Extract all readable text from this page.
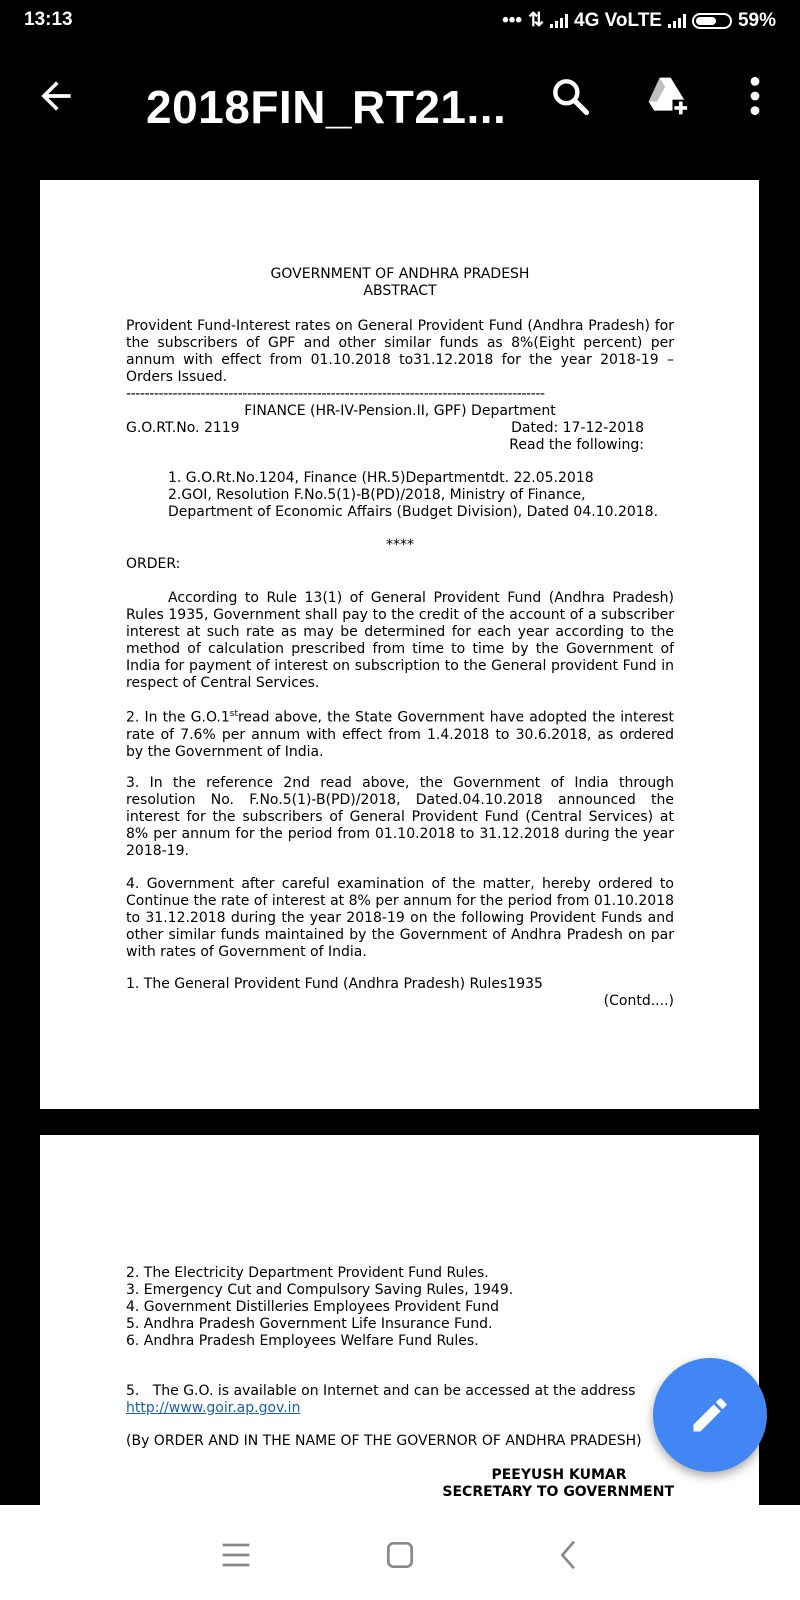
13:13	••• ⇅ 4G VoLTE	59%
2018FIN_RT21...

GOVERNMENT OF ANDHRA PRADESH

ABSTRACT

Provident Fund-Interest rates on General Provident Fund (Andhra Pradesh) for the subscribers of GPF and other similar funds as 8%(Eight percent) per annum with effect from 01.10.2018 to31.12.2018 for the year 2018-19 – Orders Issued.

------------------------------------------------------------------------------------------

FINANCE (HR-IV-Pension.II, GPF) Department

G.O.RT.No. 2119	Dated: 17-12-2018

Read the following:

1. G.O.Rt.No.1204, Finance (HR.5)Departmentdt. 22.05.2018

2.GOI, Resolution F.No.5(1)-B(PD)/2018, Ministry of Finance,

Department of Economic Affairs (Budget Division), Dated 04.10.2018.

****

ORDER:

According to Rule 13(1) of General Provident Fund (Andhra Pradesh) Rules 1935, Government shall pay to the credit of the account of a subscriber interest at such rate as may be determined for each year according to the method of calculation prescribed from time to time by the Government of India for payment of interest on subscription to the General provident Fund in respect of Central Services.

2. In the G.O.1stread above, the State Government have adopted the interest rate of 7.6% per annum with effect from 1.4.2018 to 30.6.2018, as ordered by the Government of India.

3. In the reference 2nd read above, the Government of India through resolution No. F.No.5(1)-B(PD)/2018, Dated.04.10.2018 announced the interest for the subscribers of General Provident Fund (Central Services) at 8% per annum for the period from 01.10.2018 to 31.12.2018 during the year 2018-19.

4. Government after careful examination of the matter, hereby ordered to Continue the rate of interest at 8% per annum for the period from 01.10.2018 to 31.12.2018 during the year 2018-19 on the following Provident Funds and other similar funds maintained by the Government of Andhra Pradesh on par with rates of Government of India.

1. The General Provident Fund (Andhra Pradesh) Rules1935

(Contd....)

2. The Electricity Department Provident Fund Rules.

3. Emergency Cut and Compulsory Saving Rules, 1949.

4. Government Distilleries Employees Provident Fund

5. Andhra Pradesh Government Life Insurance Fund.

6. Andhra Pradesh Employees Welfare Fund Rules.

5.   The G.O. is available on Internet and can be accessed at the address

http://www.goir.ap.gov.in

(By ORDER AND IN THE NAME OF THE GOVERNOR OF ANDHRA PRADESH)

PEEYUSH KUMAR

SECRETARY TO GOVERNMENT
